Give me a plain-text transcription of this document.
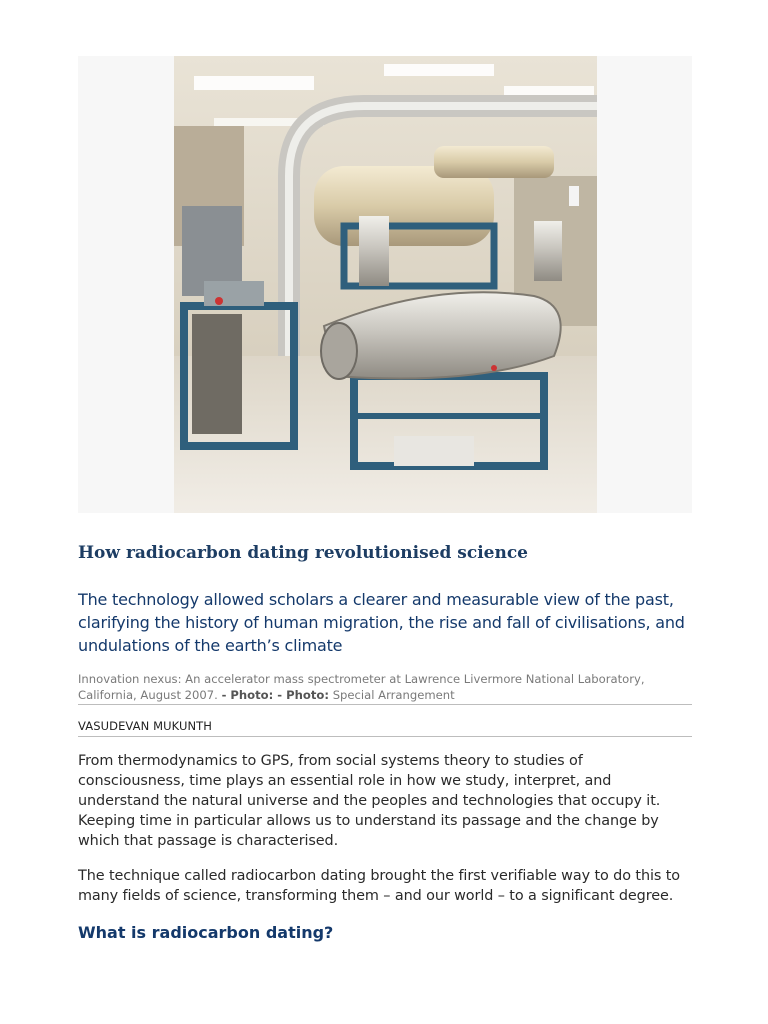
How radiocarbon dating revolutionised science

The technology allowed scholars a clearer and measurable view of the past, clarifying the history of human migration, the rise and fall of civilisations, and undulations of the earth’s climate

Innovation nexus: An accelerator mass spectrometer at Lawrence Livermore National Laboratory, California, August 2007. - Photo: - Photo: Special Arrangement

VASUDEVAN MUKUNTH

From thermodynamics to GPS, from social systems theory to studies of consciousness, time plays an essential role in how we study, interpret, and understand the natural universe and the peoples and technologies that occupy it. Keeping time in particular allows us to understand its passage and the change by which that passage is characterised.

The technique called radiocarbon dating brought the first verifiable way to do this to many fields of science, transforming them – and our world – to a significant degree.

What is radiocarbon dating?
